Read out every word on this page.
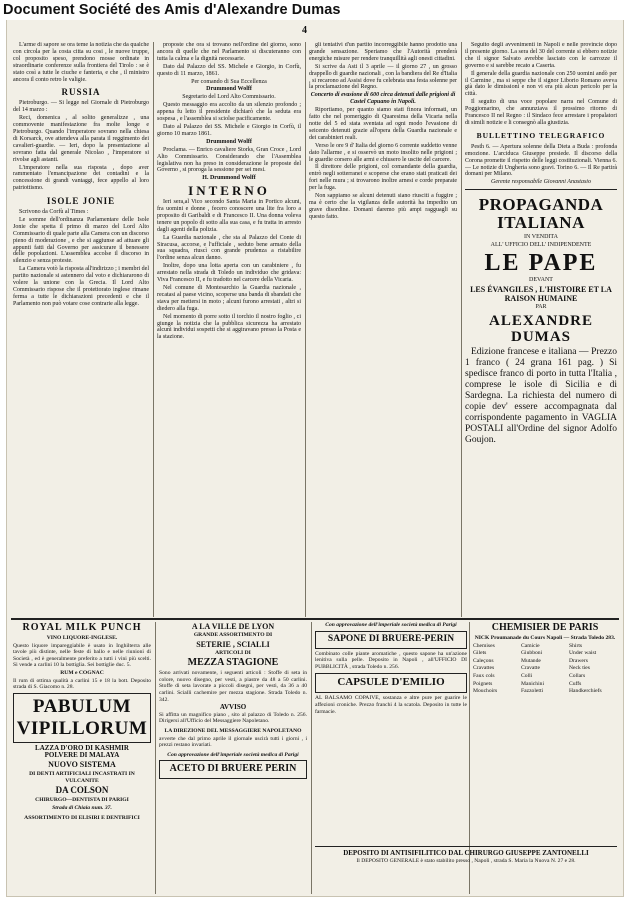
Document Société des Amis d'Alexandre Dumas
4

L'arme di sapore se ora teme la notizia che da qualche con circola per la costa citta su cosi , le nuove truppe, col proposito speso, prendono mosse ordinate in straordinarie conferenze sulla frontiera del Tirolo : se è stato così a tutte le ciuche e fanteria, e che , il ministro ancora il conto retro le valigie.

RUSSIA

Pietroburgo. — Si legge nel Giornale di Pietroburgo del 14 marzo :

Reci, domenica , al solito generalizze , una commovente manifestazione fra molte longe e Pietroburgo. Quando l'imperatore sovrano nella chiesa di Korsarck, ove attendeva alla parata il reggimento dei cavalieri-guardie. — Ieri, dopo la presentazione al sovrano fatta dal generale Nicolao , l'imperatore si rivolse agli astanti.

L'imperatore nella sua risposta , dopo aver rammentato l'emancipazione dei contadini e la concessione di grandi vantaggi, fece appello al loro patriottismo.

ISOLE JONIE

Scrivono da Corfù al Times :

Le somme dell'ordinanza Parlamentare delle Isole Jonie che spetta il primo di marzo del Lord Alto Commissario di quale parte alla Camera con un discorso pieno di moderazione , e che si aggiunse ad attuare gli appunti fatti dal Governo per assicurare il benessere delle popolazioni. L'assemblea accolse il discorso in silenzio e senza proteste.

La Camera votò la risposta all'indirizzo ; i membri del partito nazionale si astennero dal voto e dichiararono di volere la unione con la Grecia. Il Lord Alto Commissario rispose che il protettorato inglese rimane ferma a tutte le dichiarazioni precedenti e che il Parlamento non può votare cose contrarie alla legge.

proposte che ora si trovano nell'ordine del giorno, sono ancora di quelle che nel Parlamento si discuteranno con tutta la calma e la dignità necessarie.

Dato dal Palazzo del SS. Michele e Giorgio, in Corfù, questo di 11 marzo, 1861.

Per comando di Sua Eccellenza

Drummond Wolff

Segretario del Lord Alto Commissario.

Questo messaggio era accolto da un silenzio profondo ; appena fu letto il presidente dichiarò che la seduta era sospesa , e l'assemblea si sciolse pacificamente.

Dato al Palazzo dei SS. Michele e Giorgio in Corfù, il giorno 10 marzo 1861.

Drummond Wolff

Proclama. — Enrico cavaliere Storks, Gran Croce , Lord Alto Commissario. Considerando che l'Assemblea legislativa non ha preso in considerazione le proposte del Governo , si proroga la sessione per sei mesi.

H. Drummond Wolff

INTERNO

Ieri sera,al Vico secondo Santa Maria in Portico alcuni, fra uomini e donne , fecero conoscere una lite fra loro a proposito di Garibaldi e di Francesco II. Una donna voleva tenere un popolo di sotto alla sua casa, e fu tratta in arresto dagli agenti della polizia.

La Guardia nazionale , che sta al Palazzo del Conte di Siracusa, accorse, e l'ufficiale , seduto bene armato della sua squadra, riuscì con grande prudenza a ristabilire l'ordine senza alcun danno.

Inoltre, dopo una lotta aperta con un carabiniere , fu arrestato nella strada di Toledo un individuo che gridava: Viva Francesco II, e fu tradotto nel carcere della Vicaria.

Nel comune di Montesarchio la Guardia nazionale , recatasi al paese vicino, scoperse una banda di sbandati che stava per mettersi in moto ; alcuni furono arrestati , altri si diedero alla fuga.

Nel momento di porre sotto il torchio il nostro foglio , ci giunge la notizia che la pubblica sicurezza ha arrestato alcuni individui sospetti che si aggiravano presso la Posta e la stazione.

gli tentativi d'un partito incorreggibile hanno prodotto una grande sensazione. Speriamo che l'Autorità prenderà energiche misure per rendere tranquillità agli onesti cittadini.

Si scrive da Asti il 3 aprile — il giorno 27 , un grosso drappello di guardie nazionali , con la bandiera del Re d'Italia , si recarono ad Assisi dove fu celebrata una festa solenne per la proclamazione del Regno.

Concerto di evasione di 600 circa detenuti dalle prigioni di Castel Capuano in Napoli.

Riportiamo, per quanto siamo stati finora informati, un fatto che nel pomeriggio di Quaresima della Vicaria nella notte del 5 ed stata sventata ad ogni modo l'evasione di seicento detenuti grazie all'opera della Guardia nazionale e dei carabinieri reali.

Verso le ore 9 d' Italia del giorno 6 corrente suddetto venne dato l'allarme , e si osservò un moto insolito nelle prigioni ; le guardie corsero alle armi e chiusero le uscite del carcere.

Il direttore delle prigioni, col comandante della guardia, entrò negli sotterranei e scoperse che erano stati praticati dei fori nelle mura ; si trovarono inoltre arnesi e corde preparate per la fuga.

Non sappiamo se alcuni detenuti siano riusciti a fuggire ; ma è certo che la vigilanza delle autorità ha impedito un grave disordine. Domani daremo più ampi ragguagli su questo fatto.

Seguito degli avvenimenti in Napoli e nelle provincie dopo il presente giorno. La sera del 30 del corrente si ebbero notizie che il signor Salvato avrebbe lasciato con le carrozze il governo e si sarebbe recato a Caserta.

Il generale della guardia nazionale con 250 uomini andò per il Carmine , ma si seppe che il signor Liborio Romano aveva già dato le dimissioni e non vi era più alcun pericolo per la città.

Il seguito di una voce popolare narra nel Comune di Poggiomarino, che annunziava il prossimo ritorno di Francesco II nel Regno : il Sindaco fece arrestare i propalatori di simili notizie e li consegnò alla giustizia.

BULLETTINO TELEGRAFICO

Pesth 6. — Apertura solenne della Dieta a Buda : profonda emozione. L'arciduca Giuseppe presiede. Il discorso della Corona promette il rispetto delle leggi costituzionali. Vienna 6. — Le notizie di Ungheria sono gravi. Torino 6. — Il Re partirà domani per Milano.

Gerente responsabile Giovanni Anastasio

PROPAGANDA ITALIANA

IN VENDITA

ALL' UFFICIO DELL' INDIPENDENTE

LE PAPE

DEVANT

LES ÉVANGILES , L'HISTOIRE ET LA RAISON HUMAINE

PAR

ALEXANDRE DUMAS

Edizione francese e italiana — Prezzo 1 franco ( 24 grana 161 pag. ) Si spedisce franco di porto in tutta l'Italia , comprese le isole di Sicilia e di Sardegna. La richiesta del numero di copie dev' essere accompagnata dal corrispondente pagamento in VAGLIA POSTALI all'Ordine del signor Adolfo Goujon.

ROYAL MILK PUNCH

VINO LIQUORE-INGLESE.

Questo liquore impareggiabile è usato in Inghilterra alle tavole più distinte, nelle feste di ballo e nelle riunioni di Società , ed è generalmente preferito a tutti i vini più scelti. Si vende a carlini 10 la bottiglia. Sei bottiglie duc. 5.

RUM e COGNAC

Il rum di ottima qualità a carlini 15 e 18 la bott. Deposito strada di S. Giacomo n. 28.

PABULUM VIPILLORUM

LAZZA D'ORO DI KASHMIR

POLVERE DI MALAYA

NUOVO SISTEMA

DI DENTI ARTIFICIALI INCASTRATI IN VULCANITE

DA COLSON

CHIRURGO—DENTISTA DI PARIGI

Strada di Chiaia num. 37.

ASSORTIMENTO DI ELISIRI E DENTRIFICI

A LA VILLE DE LYON

GRANDE ASSORTIMENTO DI

SETERIE , SCIALLI

ARTICOLI DI

MEZZA STAGIONE

Sono arrivati novamente, i seguenti articoli : Stoffe di seta in colore, nuovo disegno, per vesti, a piastre da 48 a 50 carlini. Stoffe di seta lavorate a piccoli disegni, per vesti, da 36 a 40 carlini. Scialli cachemire per mezza stagione. Strada Toledo n. 342.

AVVISO

Si affitta un magnifico piano , sito al palazzo di Toledo n. 256. Dirigersi all'Ufficio del Messaggiere Napoletano.

LA DIREZIONE DEL MESSAGGIERE NAPOLETANO

avverte che dal primo aprile il giornale uscirà tutti i giorni , i prezzi restano invariati.

Con approvazione dell'imperiale società medica di Parigi

ACETO DI BRUERE PERIN

Con approvazione dell'imperiale società medica di Parigi

SAPONE DI BRUERE-PERIN

Combinato colle piante aromatiche , questo sapone ha un'azione lenitiva sulla pelle. Deposito in Napoli , all'UFFICIO DI PUBBLICITÀ , strada Toledo n. 256.

CAPSULE D'EMILIO

AL BALSAMO COPAIVE, sostanza e altre pure per guarire le affezioni croniche. Prezzo franchi 4 la scatola. Deposito in tutte le farmacie.

CHEMISIER DE PARIS

NICK Proumanade du Cours Napoli — Strada Toledo 283.

Chemises

Gilets

Caleçons

Cravattes

Faux cols

Poignets

Mouchoirs

Camicie

Giubboni

Mutande

Cravatte

Colli

Manichini

Fazzoletti

Shirts

Under waist

Drawers

Neck ties

Collars

Cuffs

Handkerchiefs

DEPOSITO DI ANTISIFILITICO DAL CHIRURGO GIUSEPPE ZANTONELLI

Il DEPOSITO GENERALE è stato stabilito presso , Napoli , strada S. Maria la Nuova N. 27 e 28.
